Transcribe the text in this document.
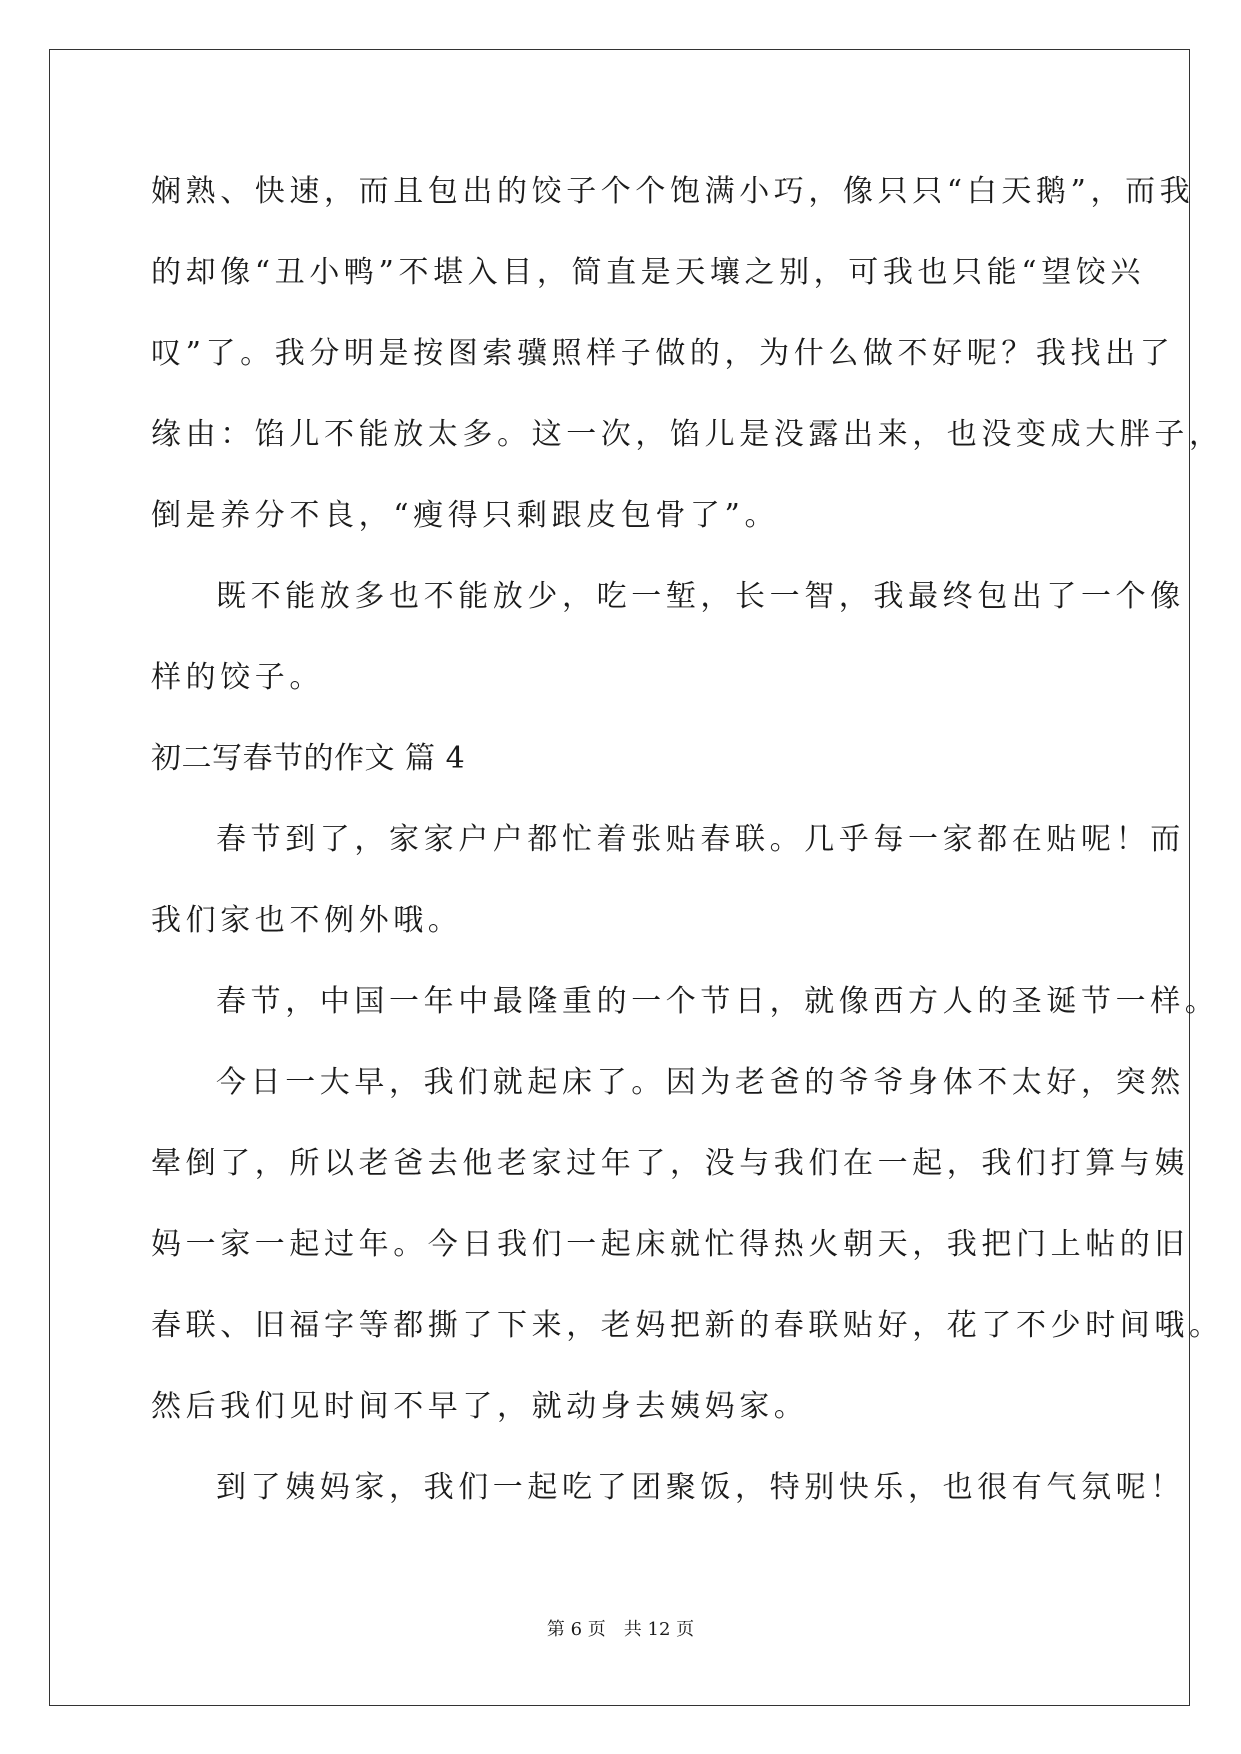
娴熟、快速，而且包出的饺子个个饱满小巧，像只只“白天鹅”，而我
的却像“丑小鸭”不堪入目，简直是天壤之别，可我也只能“望饺兴
叹”了。我分明是按图索骥照样子做的，为什么做不好呢？我找出了
缘由：馅儿不能放太多。这一次，馅儿是没露出来，也没变成大胖子，
倒是养分不良，“瘦得只剩跟皮包骨了”。
既不能放多也不能放少，吃一堑，长一智，我最终包出了一个像
样的饺子。
初二写春节的作文 篇 4
春节到了，家家户户都忙着张贴春联。几乎每一家都在贴呢！而
我们家也不例外哦。
春节，中国一年中最隆重的一个节日，就像西方人的圣诞节一样。
今日一大早，我们就起床了。因为老爸的爷爷身体不太好，突然
晕倒了，所以老爸去他老家过年了，没与我们在一起，我们打算与姨
妈一家一起过年。今日我们一起床就忙得热火朝天，我把门上帖的旧
春联、旧福字等都撕了下来，老妈把新的春联贴好，花了不少时间哦。
然后我们见时间不早了，就动身去姨妈家。
到了姨妈家，我们一起吃了团聚饭，特别快乐，也很有气氛呢！
第 6 页 共 12 页
